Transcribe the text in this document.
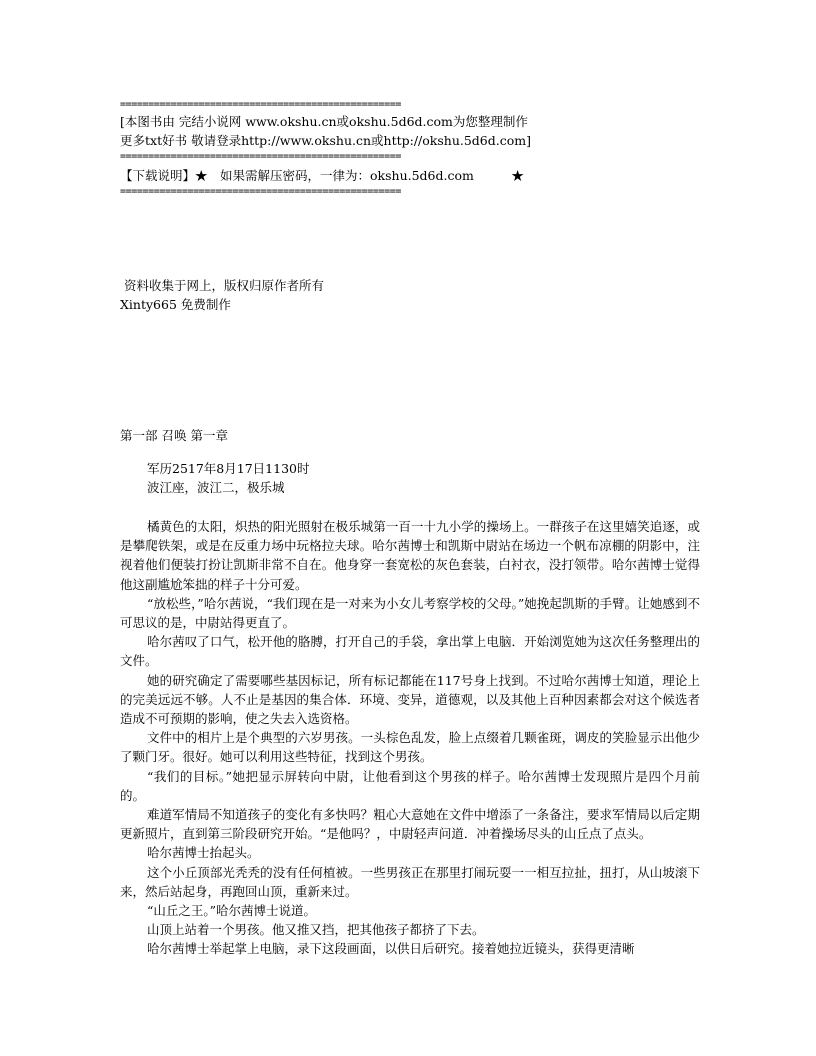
==================================================
[本图书由 完结小说网 www.okshu.cn或okshu.5d6d.com为您整理制作
更多txt好书 敬请登录http://www.okshu.cn或http://okshu.5d6d.com]
==================================================
【下载说明】★　如果需解压密码，一律为：okshu.5d6d.com　　　★
==================================================
资料收集于网上，版权归原作者所有
Xinty665 免费制作
第一部 召唤 第一章
军历2517年8月17日1130时
波江座，波江二，极乐城

橘黄色的太阳，炽热的阳光照射在极乐城第一百一十九小学的操场上。一群孩子在这里嬉笑追逐，或是攀爬铁架，或是在反重力场中玩格拉夫球。哈尔茜博士和凯斯中尉站在场边一个帆布凉棚的阴影中，注视着他们便装打扮让凯斯非常不自在。他身穿一套宽松的灰色套装，白衬衣，没打领带。哈尔茜博士觉得他这副尴尬笨拙的样子十分可爱。

“放松些，”哈尔茜说，“我们现在是一对来为小女儿考察学校的父母。”她挽起凯斯的手臂。让她感到不可思议的是，中尉站得更直了。

哈尔茜叹了口气，松开他的胳膊，打开自己的手袋，拿出掌上电脑．开始浏览她为这次任务整理出的文件。

她的研究确定了需要哪些基因标记，所有标记都能在117号身上找到。不过哈尔茜博士知道，理论上的完美远远不够。人不止是基因的集合体．环境、变异，道德观，以及其他上百种因素都会对这个候选者造成不可预期的影响，使之失去入选资格。

文件中的相片上是个典型的六岁男孩。一头棕色乱发，脸上点缀着几颗雀斑，调皮的笑脸显示出他少了颗门牙。很好。她可以利用这些特征，找到这个男孩。

“我们的目标。”她把显示屏转向中尉，让他看到这个男孩的样子。哈尔茜博士发现照片是四个月前的。

难道军情局不知道孩子的变化有多快吗？粗心大意她在文件中增添了一条备注，要求军情局以后定期更新照片，直到第三阶段研究开始。“是他吗？，中尉轻声问道．冲着操场尽头的山丘点了点头。

哈尔茜博士抬起头。

这个小丘顶部光秃秃的没有任何植被。一些男孩正在那里打闹玩耍一一相互拉扯，扭打，从山坡滚下来，然后站起身，再跑回山顶，重新来过。

“山丘之王。”哈尔茜博士说道。

山顶上站着一个男孩。他又推又挡，把其他孩子都挤了下去。

哈尔茜博士举起掌上电脑，录下这段画面，以供日后研究。接着她拉近镜头，获得更清晰
